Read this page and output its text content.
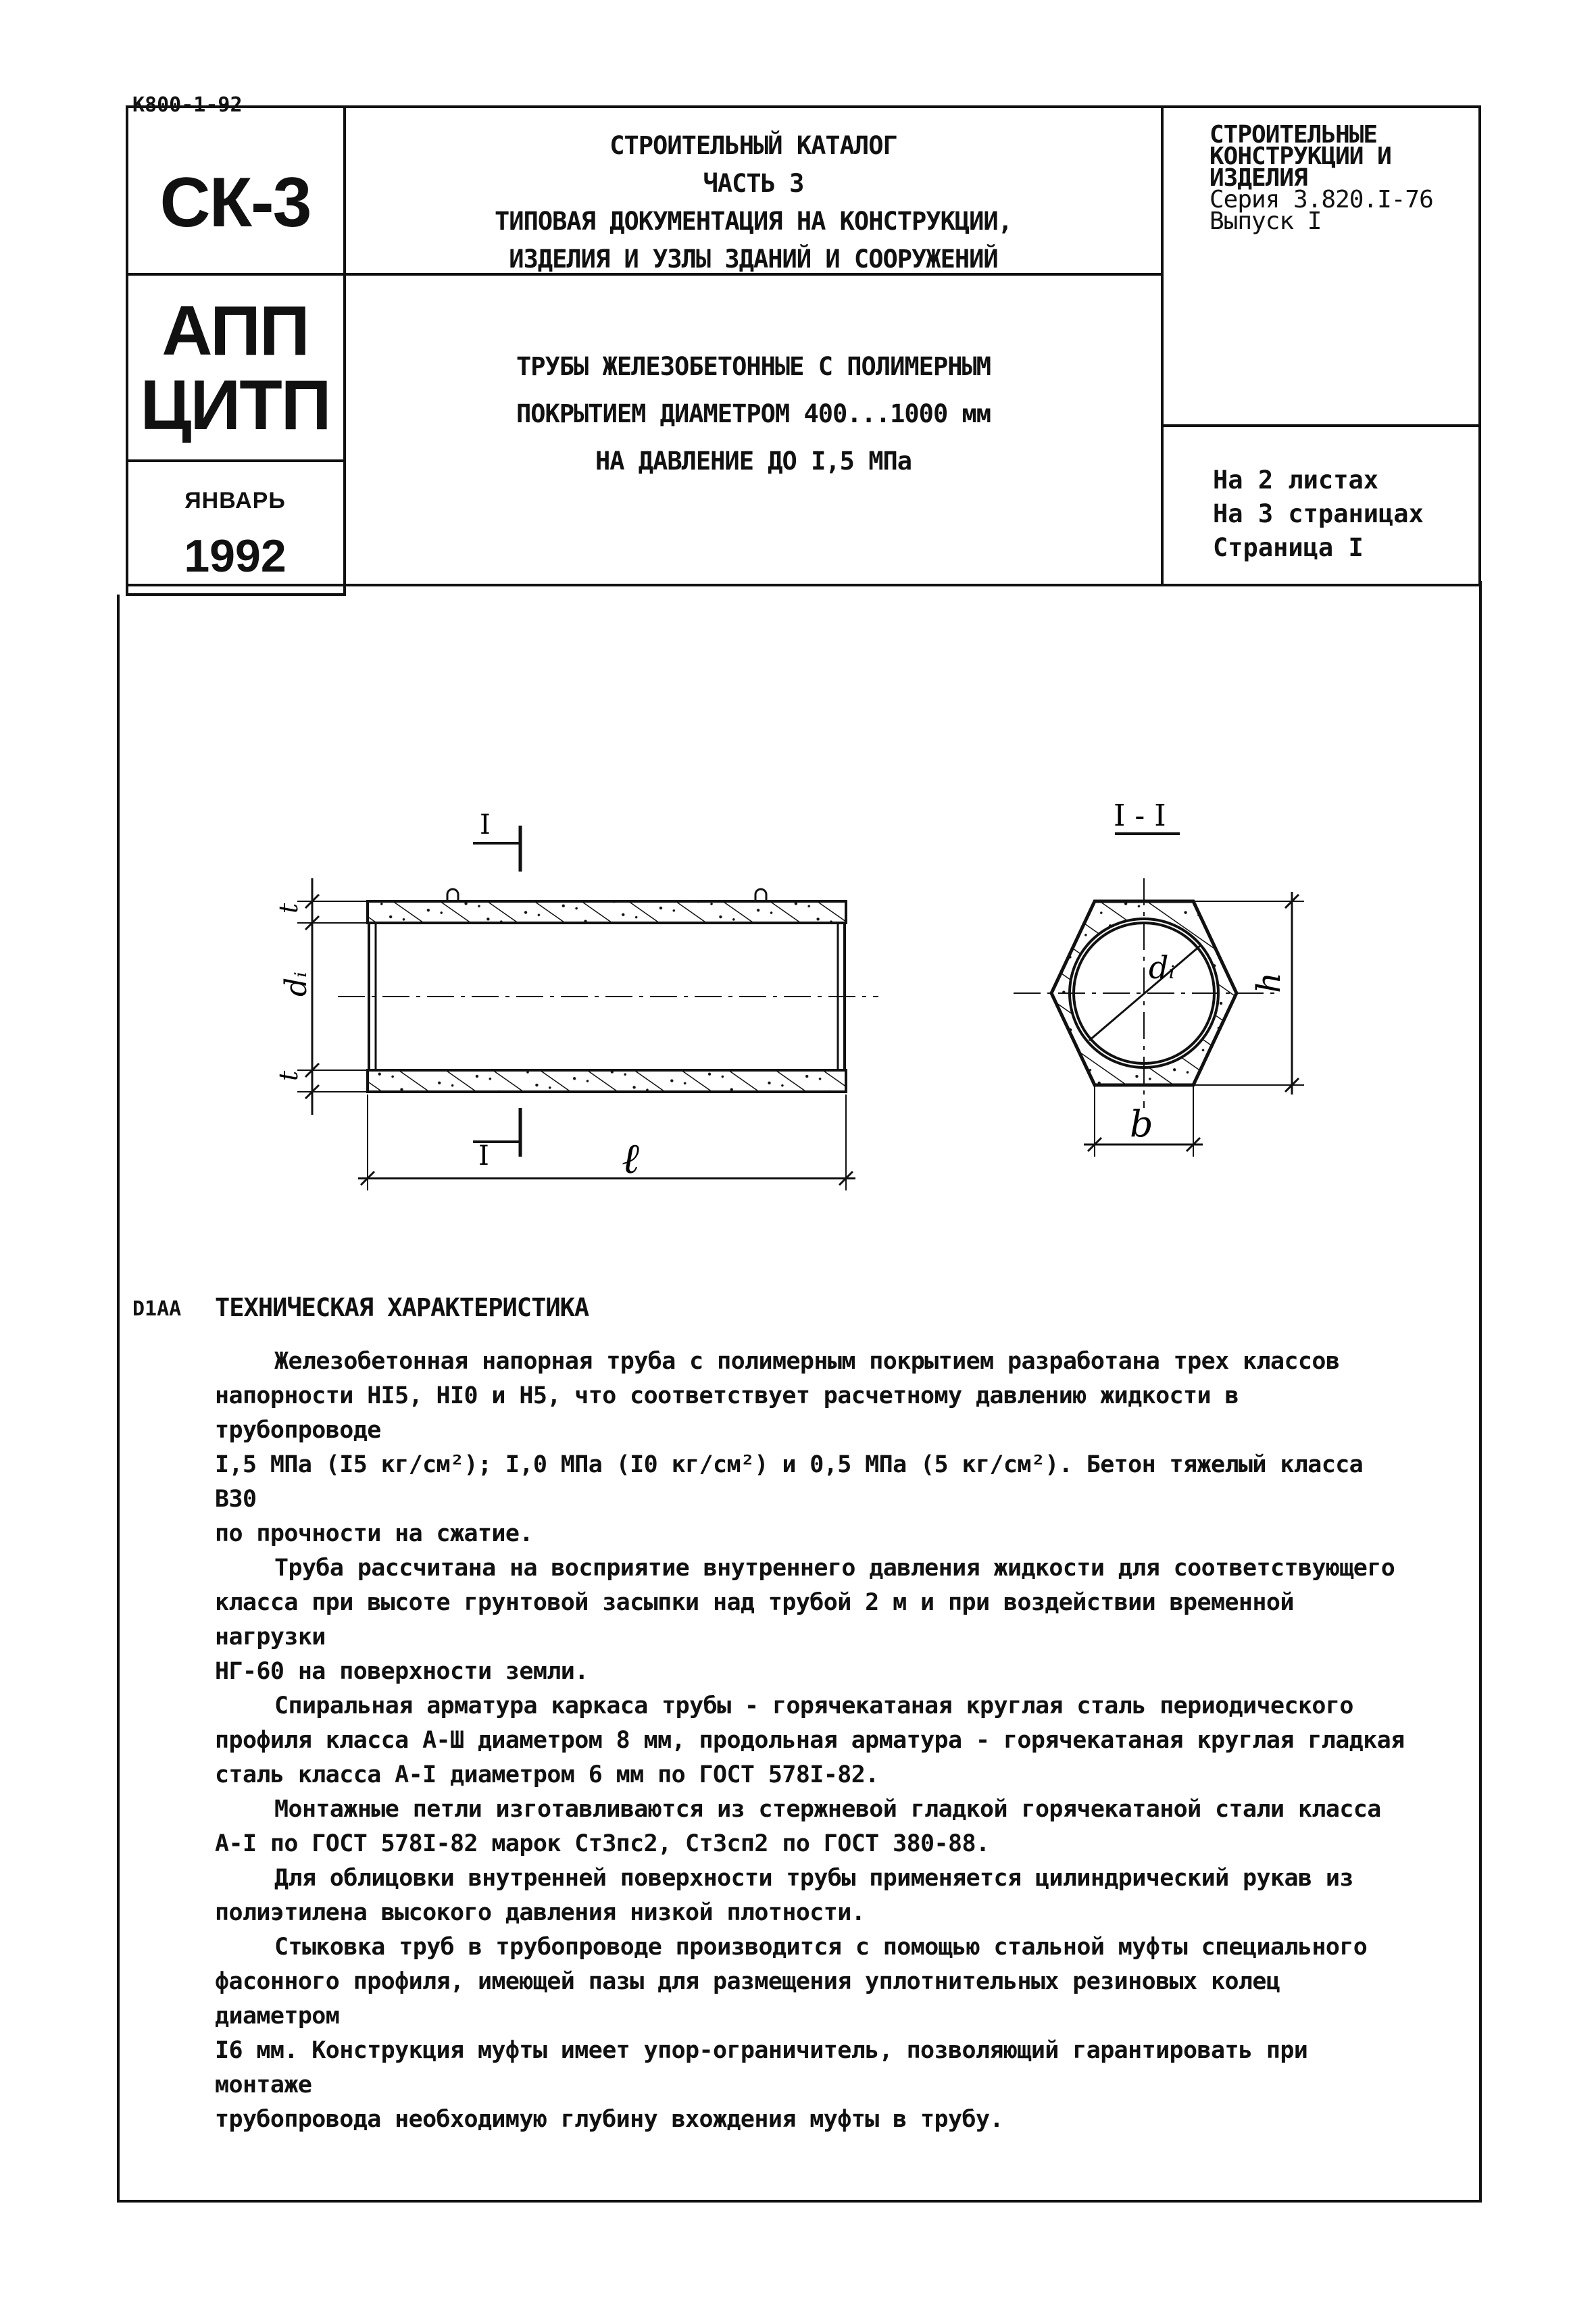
К800-1-92
СК-3
АПП
ЦИТП
ЯНВАРЬ
1992
СТРОИТЕЛЬНЫЙ КАТАЛОГ
ЧАСТЬ 3
ТИПОВАЯ ДОКУМЕНТАЦИЯ НА КОНСТРУКЦИИ,
ИЗДЕЛИЯ И УЗЛЫ ЗДАНИЙ И СООРУЖЕНИЙ
СТРОИТЕЛЬНЫЕ
КОНСТРУКЦИИ И
ИЗДЕЛИЯ
Серия 3.820.I-76
Выпуск I
ТРУБЫ ЖЕЛЕЗОБЕТОННЫЕ С ПОЛИМЕРНЫМ
ПОКРЫТИЕМ ДИАМЕТРОМ 400...1000 мм
НА ДАВЛЕНИЕ ДО I,5 МПа
На 2 листах
На 3 страницах
Страница I
I
I
t
dᵢ
t
ℓ
I - I
dᵢ h
b
D1AA ТЕХНИЧЕСКАЯ ХАРАКТЕРИСТИКА
Железобетонная напорная труба с полимерным покрытием разработана трех классов
напорности HI5, HI0 и H5, что соответствует расчетному давлению жидкости в трубопроводе
I,5 МПа (I5 кг/см²); I,0 МПа (I0 кг/см²) и 0,5 МПа (5 кг/см²). Бетон тяжелый класса В30
по прочности на сжатие.
Труба рассчитана на восприятие внутреннего давления жидкости для соответствующего
класса при высоте грунтовой засыпки над трубой 2 м и при воздействии временной нагрузки
НГ-60 на поверхности земли.
Спиральная арматура каркаса трубы - горячекатаная круглая сталь периодического
профиля класса А-Ш диаметром 8 мм, продольная арматура - горячекатаная круглая гладкая
сталь класса A-I диаметром 6 мм по ГОСТ 578I-82.
Монтажные петли изготавливаются из стержневой гладкой горячекатаной стали класса
A-I по ГОСТ 578I-82 марок Ст3пс2, Ст3сп2 по ГОСТ 380-88.
Для облицовки внутренней поверхности трубы применяется цилиндрический рукав из
полиэтилена высокого давления низкой плотности.
Стыковка труб в трубопроводе производится с помощью стальной муфты специального
фасонного профиля, имеющей пазы для размещения уплотнительных резиновых колец диаметром
I6 мм. Конструкция муфты имеет упор-ограничитель, позволяющий гарантировать при монтаже
трубопровода необходимую глубину вхождения муфты в трубу.
